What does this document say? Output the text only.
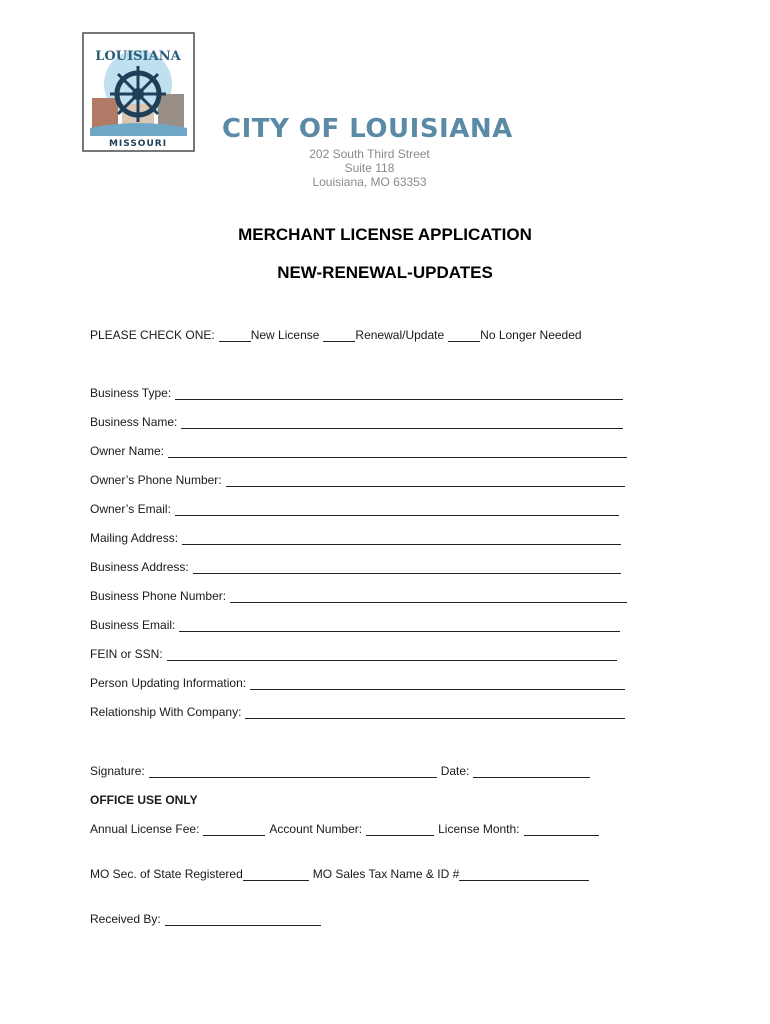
LOUISIANA
MISSOURI CITY OF LOUISIANA
202 South Third Street
Suite 118
Louisiana, MO 63353
MERCHANT LICENSE APPLICATION
NEW-RENEWAL-UPDATES
PLEASE CHECK ONE:	New License	Renewal/Update	No Longer Needed
Business Type:
Business Name:
Owner Name:
Owner’s Phone Number:
Owner’s Email:
Mailing Address:
Business Address:
Business Phone Number:
Business Email:
FEIN or SSN:
Person Updating Information:
Relationship With Company:
Signature:	Date:
OFFICE USE ONLY
Annual License Fee:	Account Number:	License Month:
MO Sec. of State Registered	MO Sales Tax Name & ID #
Received By:
